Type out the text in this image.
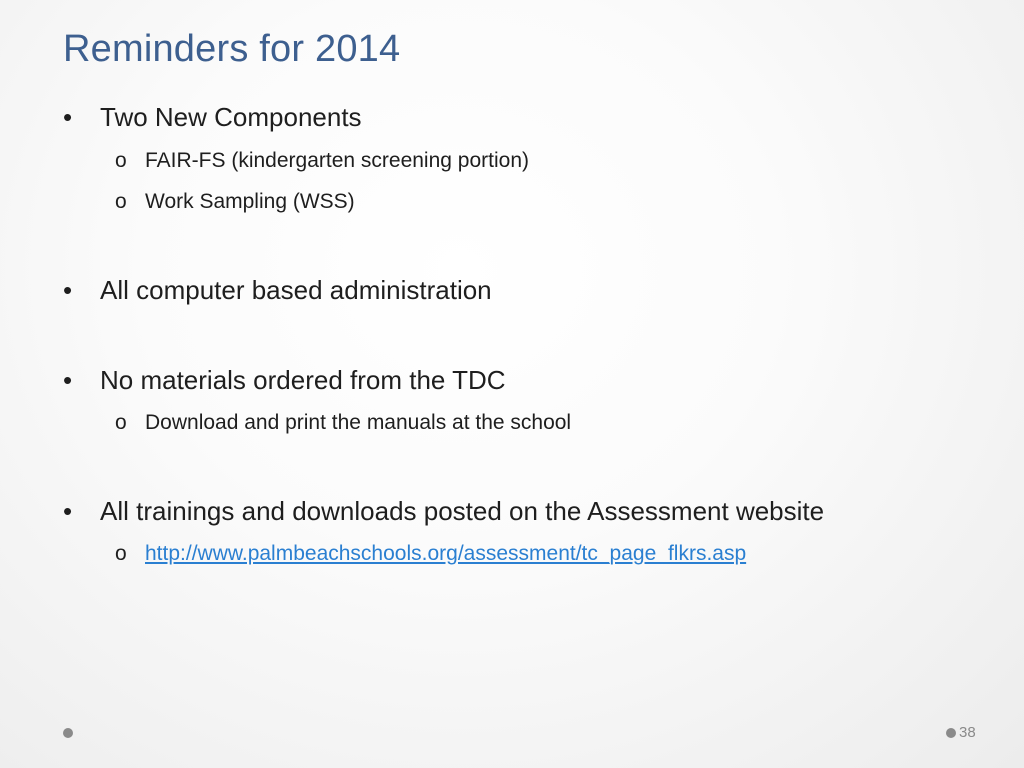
Reminders for 2014
•	Two New Components
o FAIR-FS (kindergarten screening portion)
o Work Sampling (WSS)
•	All computer based administration
•	No materials ordered from the TDC
o Download and print the manuals at the school
•	All trainings and downloads posted on the Assessment website
o http://www.palmbeachschools.org/assessment/tc_page_flkrs.asp
38
